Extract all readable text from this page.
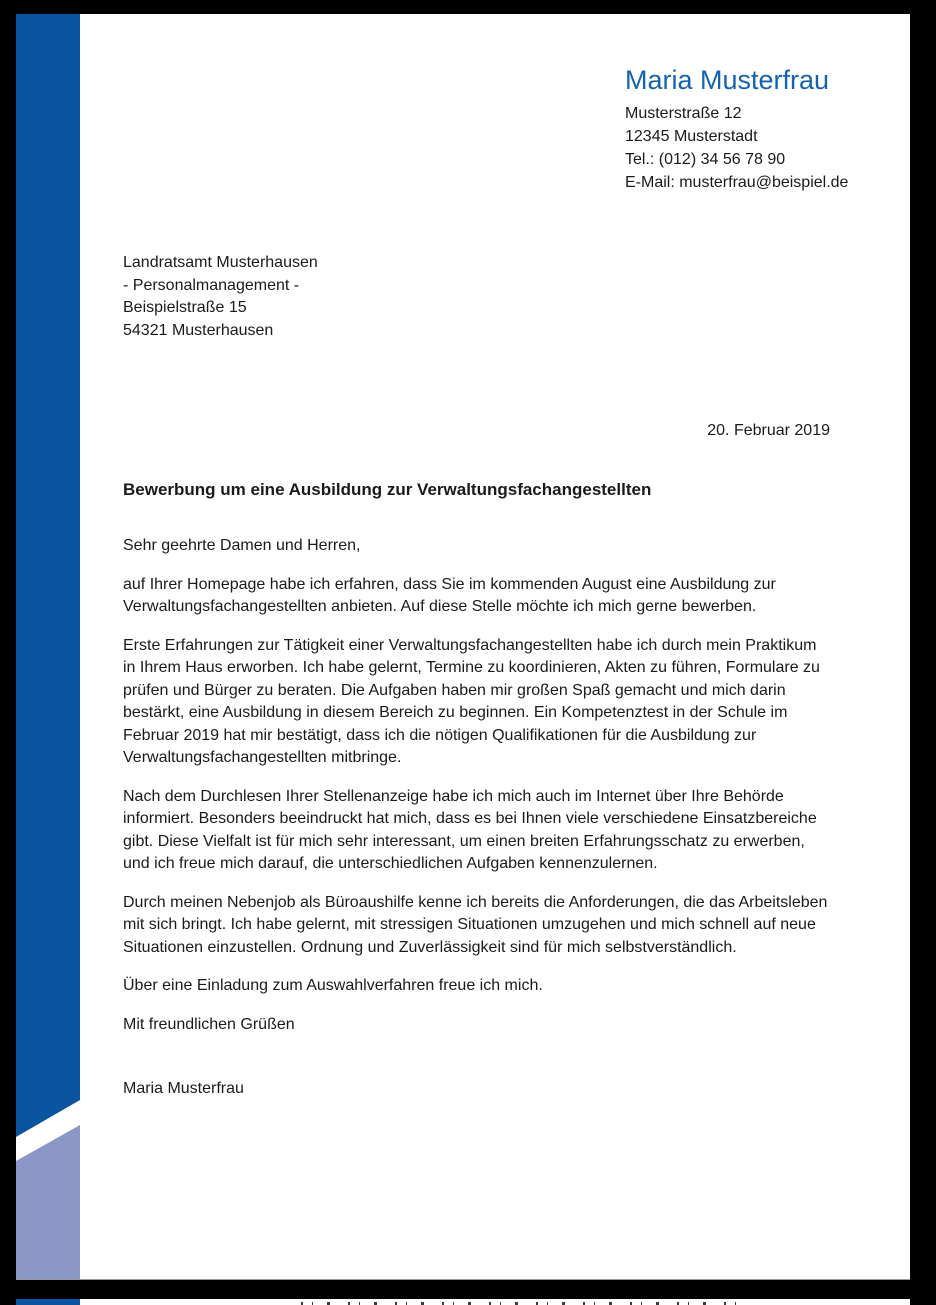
Maria Musterfrau
Musterstraße 12
12345 Musterstadt
Tel.: (012) 34 56 78 90
E-Mail: musterfrau@beispiel.de
Landratsamt Musterhausen
- Personalmanagement -
Beispielstraße 15
54321 Musterhausen
20. Februar 2019
Bewerbung um eine Ausbildung zur Verwaltungsfachangestellten

Sehr geehrte Damen und Herren,

auf Ihrer Homepage habe ich erfahren, dass Sie im kommenden August eine Ausbildung zur Verwaltungsfachangestellten anbieten. Auf diese Stelle möchte ich mich gerne bewerben.

Erste Erfahrungen zur Tätigkeit einer Verwaltungsfachangestellten habe ich durch mein Praktikum in Ihrem Haus erworben. Ich habe gelernt, Termine zu koordinieren, Akten zu führen, Formulare zu prüfen und Bürger zu beraten. Die Aufgaben haben mir großen Spaß gemacht und mich darin bestärkt, eine Ausbildung in diesem Bereich zu beginnen. Ein Kompetenztest in der Schule im Februar 2019 hat mir bestätigt, dass ich die nötigen Qualifikationen für die Ausbildung zur Verwaltungsfachangestellten mitbringe.

Nach dem Durchlesen Ihrer Stellenanzeige habe ich mich auch im Internet über Ihre Behörde informiert. Besonders beeindruckt hat mich, dass es bei Ihnen viele verschiedene Einsatzbereiche gibt. Diese Vielfalt ist für mich sehr interessant, um einen breiten Erfahrungsschatz zu erwerben, und ich freue mich darauf, die unterschiedlichen Aufgaben kennenzulernen.

Durch meinen Nebenjob als Büroaushilfe kenne ich bereits die Anforderungen, die das Arbeitsleben mit sich bringt. Ich habe gelernt, mit stressigen Situationen umzugehen und mich schnell auf neue Situationen einzustellen. Ordnung und Zuverlässigkeit sind für mich selbstverständlich.

Über eine Einladung zum Auswahlverfahren freue ich mich.

Mit freundlichen Grüßen

Maria Musterfrau
